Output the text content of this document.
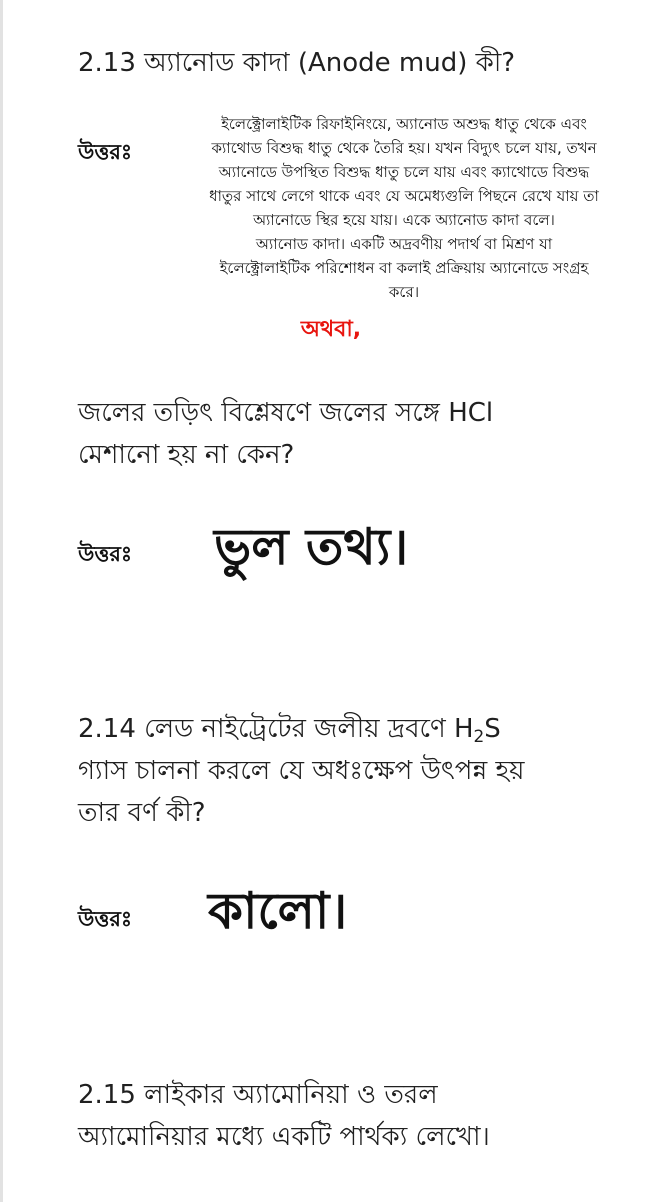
2.13 অ্যানোড কাদা (Anode mud) কী?
উত্তরঃ
ইলেক্ট্রোলাইটিক রিফাইনিংয়ে, অ্যানোড অশুদ্ধ ধাতু থেকে এবং
ক্যাথোড বিশুদ্ধ ধাতু থেকে তৈরি হয়। যখন বিদ্যুৎ চলে যায়, তখন
অ্যানোডে উপস্থিত বিশুদ্ধ ধাতু চলে যায় এবং ক্যাথোডে বিশুদ্ধ
ধাতুর সাথে লেগে থাকে এবং যে অমেধ্যগুলি পিছনে রেখে যায় তা
অ্যানোডে স্থির হয়ে যায়। একে অ্যানোড কাদা বলে।
অ্যানোড কাদা। একটি অদ্রবণীয় পদার্থ বা মিশ্রণ যা
ইলেক্ট্রোলাইটিক পরিশোধন বা কলাই প্রক্রিয়ায় অ্যানোডে সংগ্রহ
করে।
অথবা,
জলের তড়িৎ বিশ্লেষণে জলের সঙ্গে HCl
মেশানো হয় না কেন?
উত্তরঃ ভুল তথ্য।
2.14 লেড নাইট্রেটের জলীয় দ্রবণে $H_2S$
গ্যাস চালনা করলে যে অধঃক্ষেপ উৎপন্ন হয়
তার বর্ণ কী?
উত্তরঃ কালো।
2.15 লাইকার অ্যামোনিয়া ও তরল
অ্যামোনিয়ার মধ্যে একটি পার্থক্য লেখো।
